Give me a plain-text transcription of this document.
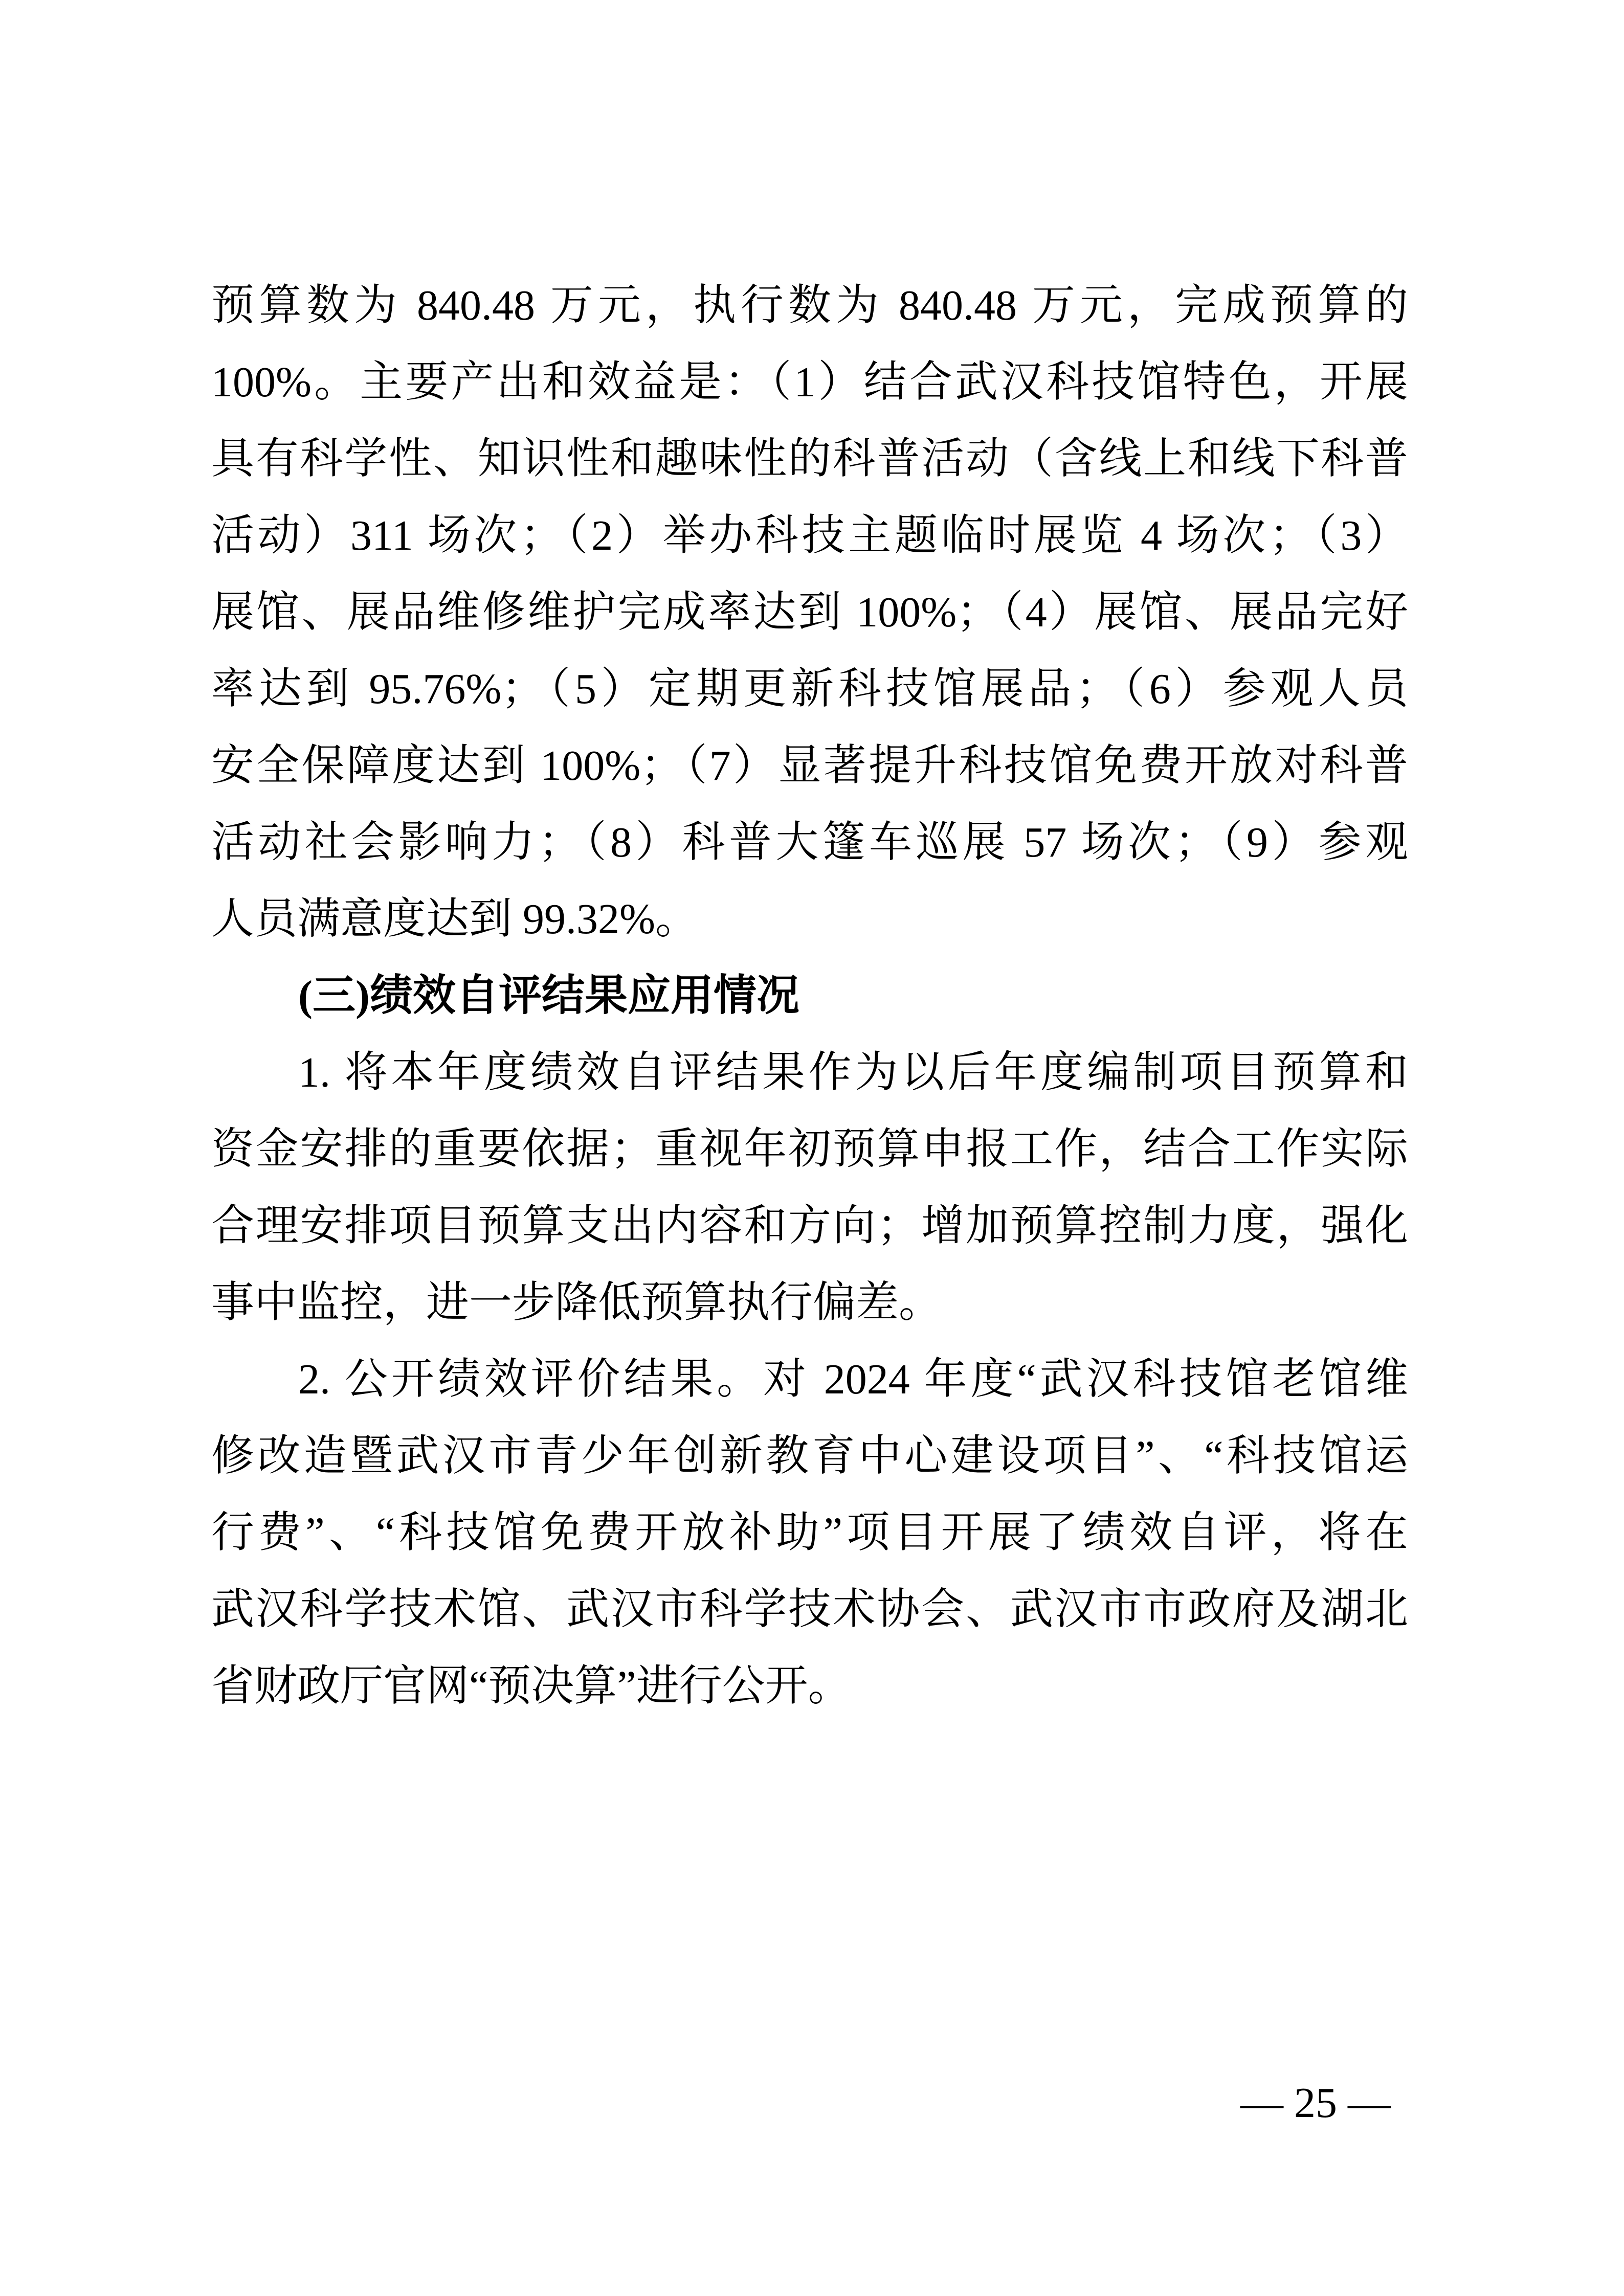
预算数为 840.48 万元，执行数为 840.48 万元，完成预算的
100%。主要产出和效益是：（1）结合武汉科技馆特色，开展
具有科学性、知识性和趣味性的科普活动（含线上和线下科普
活动）311 场次；（2）举办科技主题临时展览 4 场次；（3）
展馆、展品维修维护完成率达到 100%；（4）展馆、展品完好
率达到 95.76%；（5）定期更新科技馆展品；（6）参观人员
安全保障度达到 100%；（7）显著提升科技馆免费开放对科普
活动社会影响力；（8）科普大篷车巡展 57 场次；（9）参观
人员满意度达到 99.32%。
(三)绩效自评结果应用情况
1. 将本年度绩效自评结果作为以后年度编制项目预算和
资金安排的重要依据；重视年初预算申报工作，结合工作实际
合理安排项目预算支出内容和方向；增加预算控制力度，强化
事中监控，进一步降低预算执行偏差。
2. 公开绩效评价结果。对 2024 年度“武汉科技馆老馆维
修改造暨武汉市青少年创新教育中心建设项目”、“科技馆运
行费”、“科技馆免费开放补助”项目开展了绩效自评，将在
武汉科学技术馆、武汉市科学技术协会、武汉市市政府及湖北
省财政厅官网“预决算”进行公开。
— 25 —
